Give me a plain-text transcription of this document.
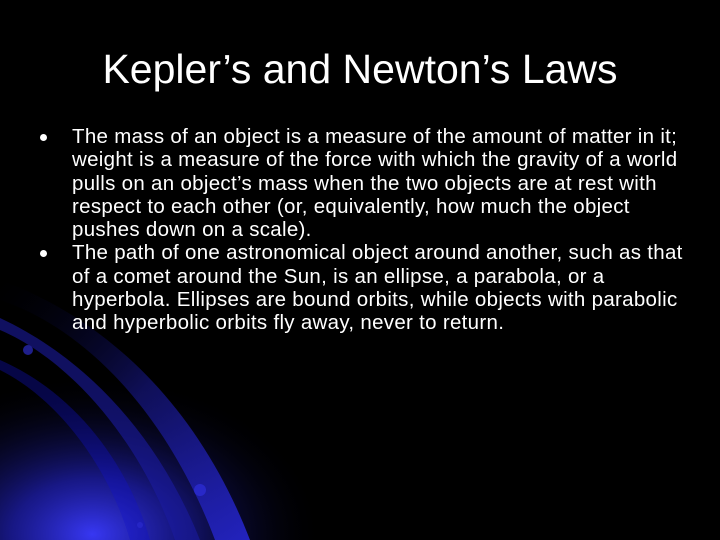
Kepler’s and Newton’s Laws
The mass of an object is a measure of the amount of matter in it; weight is a measure of the force with which the gravity of a world pulls on an object’s mass when the two objects are at rest with respect to each other (or, equivalently, how much the object pushes down on a scale).
The path of one astronomical object around another, such as that of a comet around the Sun, is an ellipse, a parabola, or a hyperbola. Ellipses are bound orbits, while objects with parabolic and hyperbolic orbits fly away, never to return.
